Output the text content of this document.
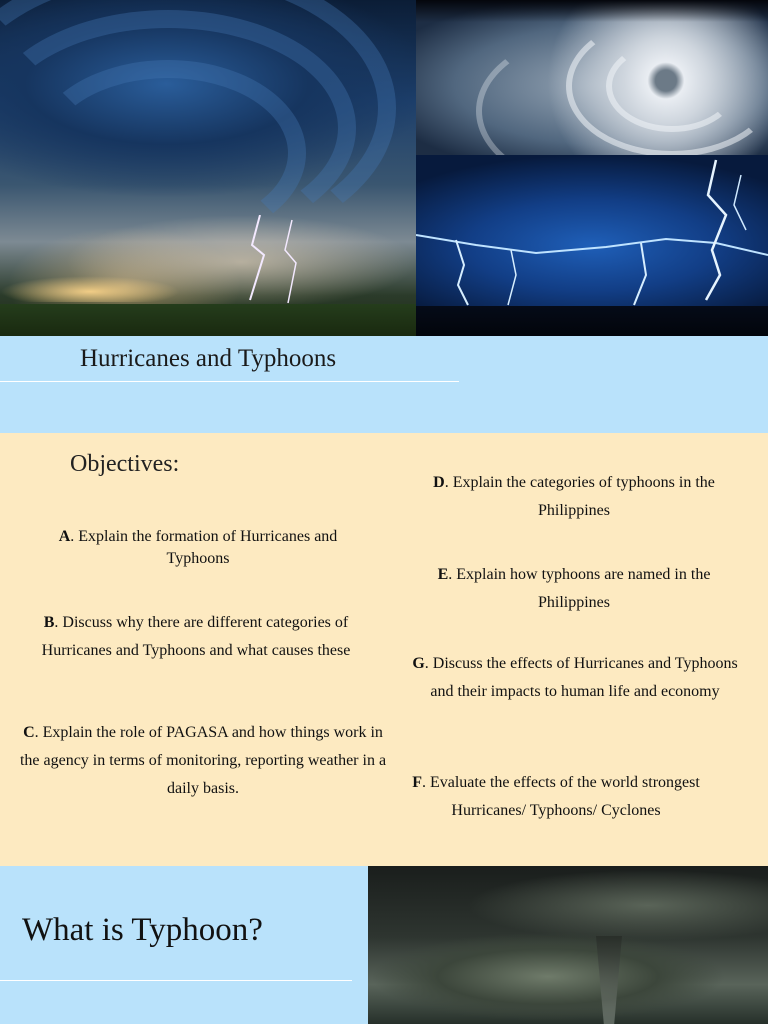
Hurricanes and Typhoons
Objectives:

A. Explain the formation of Hurricanes and Typhoons

B. Discuss why there are different categories of Hurricanes and Typhoons and what causes these

C. Explain the role of PAGASA and how things work in the agency in terms of monitoring, reporting weather in a daily basis.

D. Explain the categories of typhoons in the Philippines

E. Explain how typhoons are named in the Philippines

G. Discuss the effects of Hurricanes and Typhoons and their impacts to human life and economy

F. Evaluate the effects of the world strongest Hurricanes/ Typhoons/ Cyclones

What is Typhoon?
